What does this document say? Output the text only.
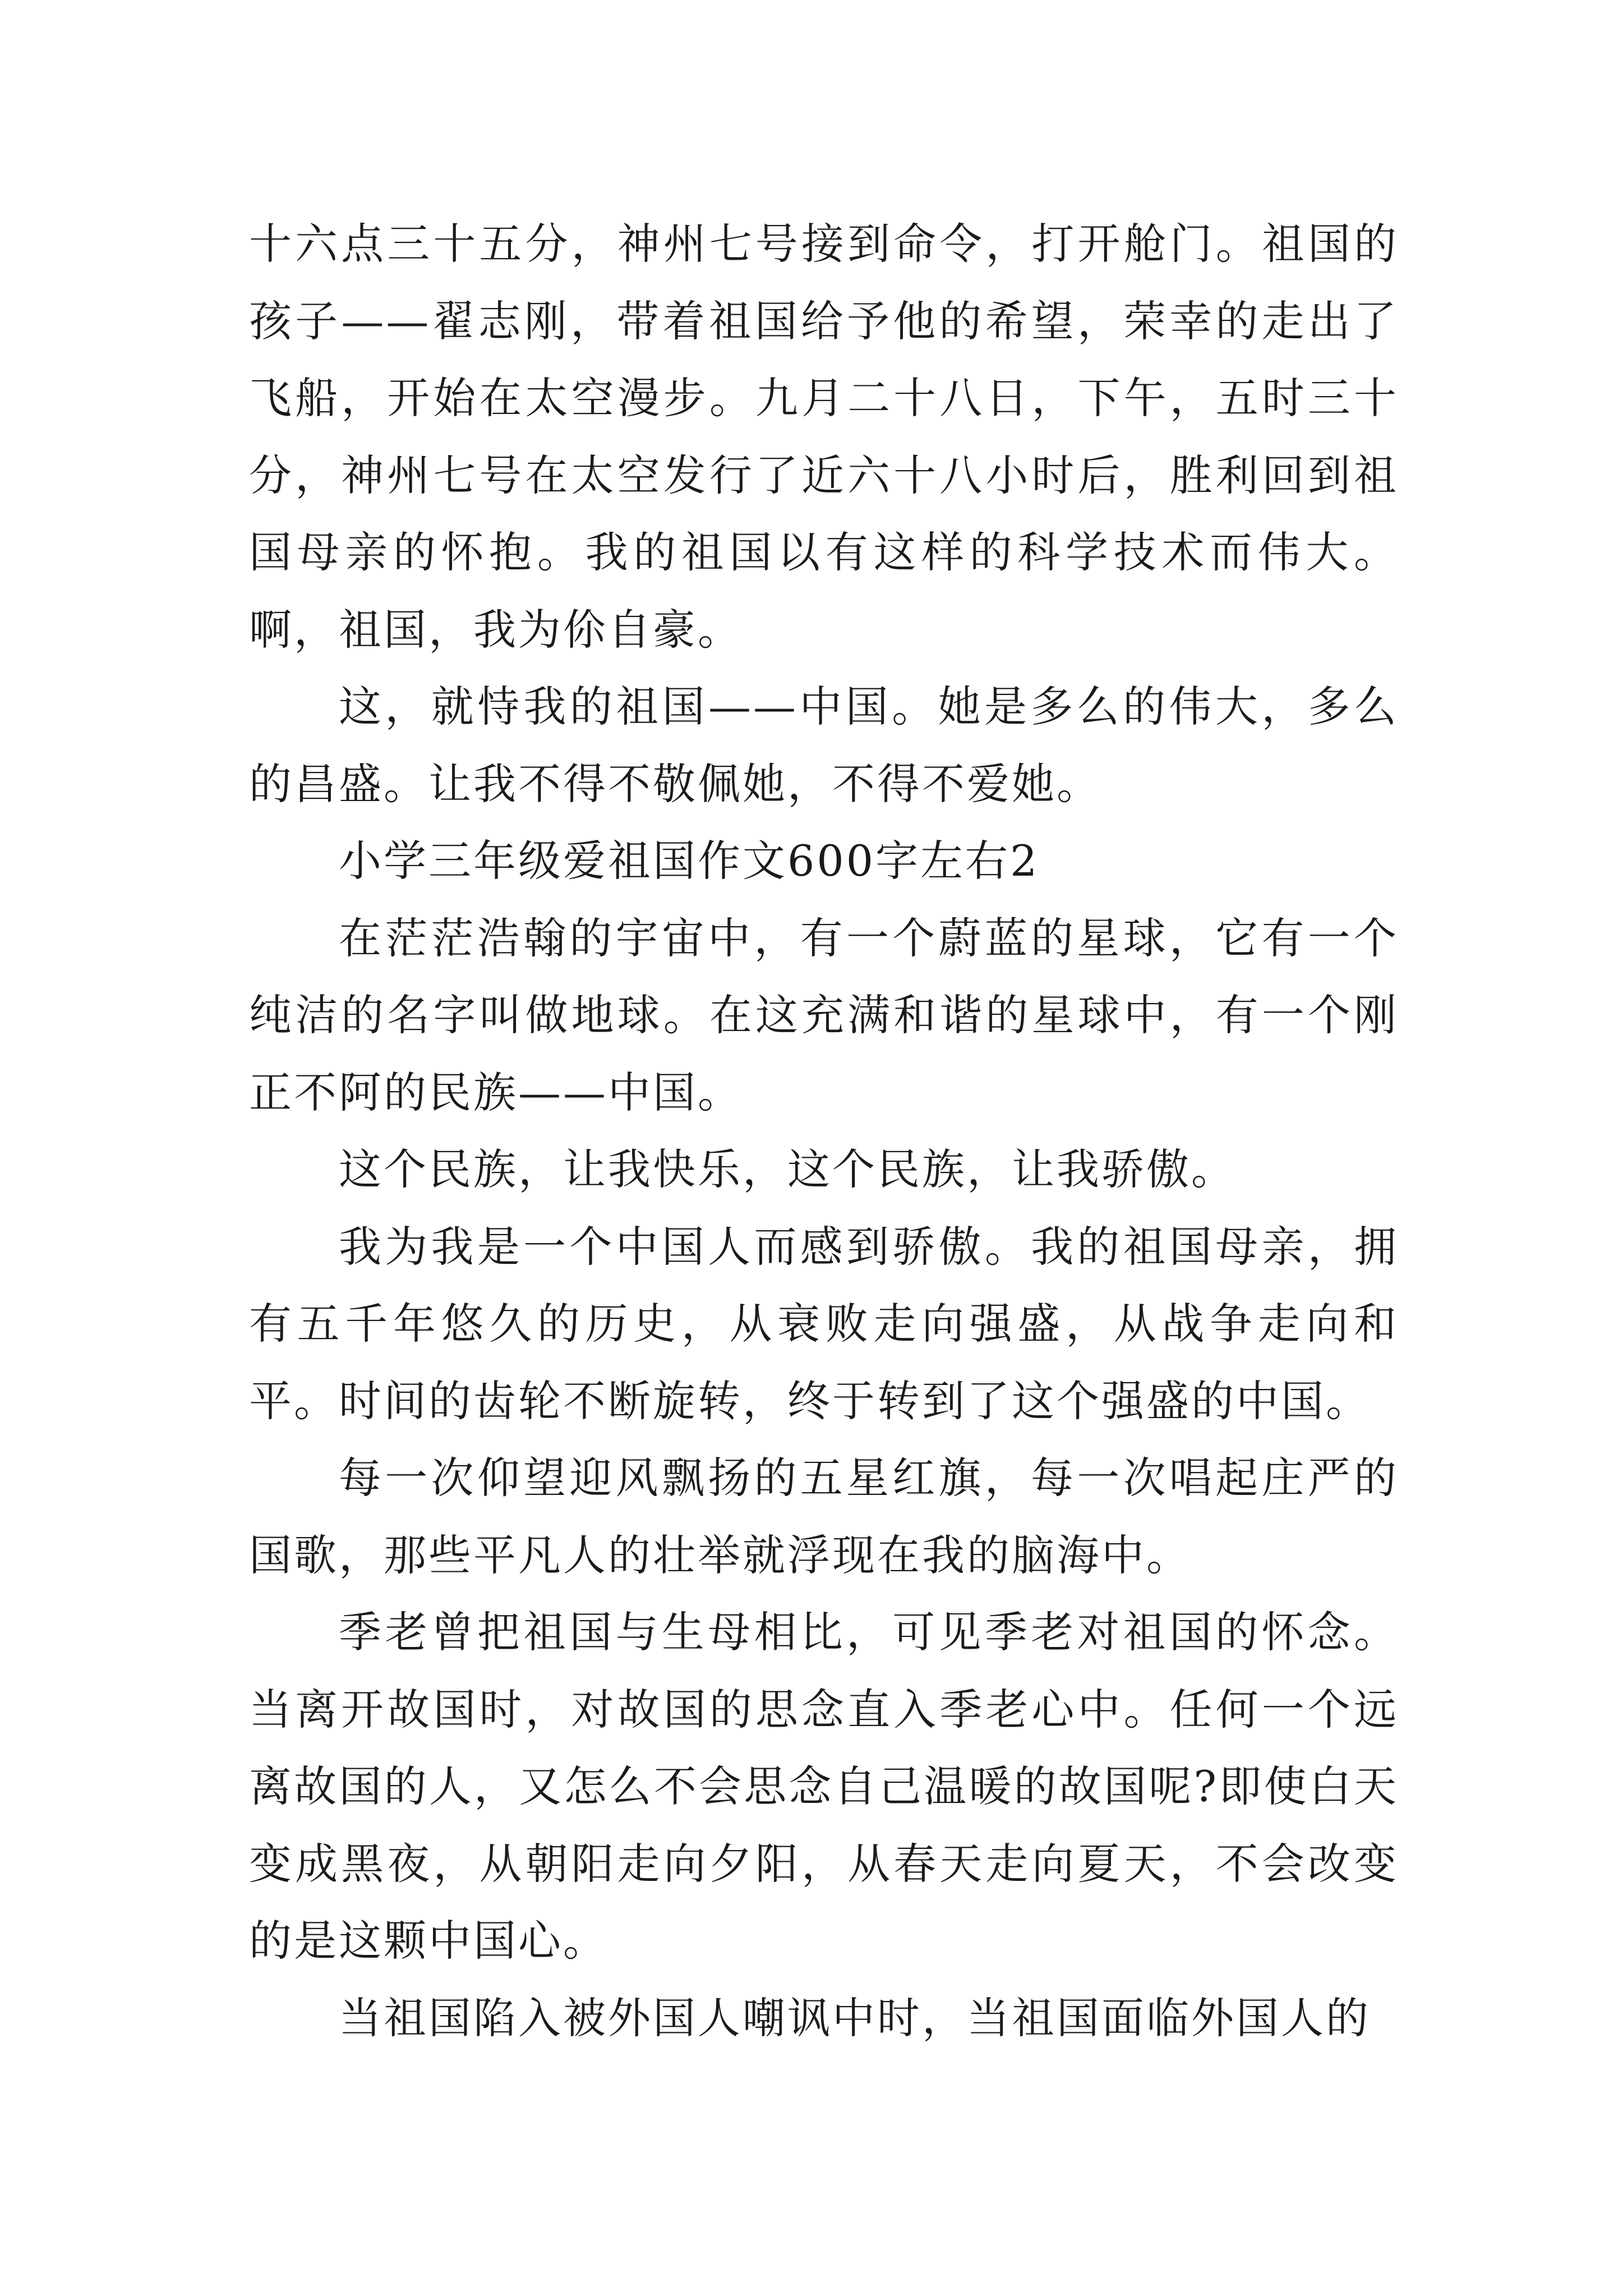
十六点三十五分，神州七号接到命令，打开舱门。祖国的孩子——翟志刚，带着祖国给予他的希望，荣幸的走出了飞船，开始在太空漫步。九月二十八日，下午，五时三十分，神州七号在太空发行了近六十八小时后，胜利回到祖国母亲的怀抱。我的祖国以有这样的科学技术而伟大。啊，祖国，我为伱自豪。

这，就恃我的祖国——中国。她是多么的伟大，多么的昌盛。让我不得不敬佩她，不得不爱她。

小学三年级爱祖国作文600字左右2

在茫茫浩翰的宇宙中，有一个蔚蓝的星球，它有一个纯洁的名字叫做地球。在这充满和谐的星球中，有一个刚正不阿的民族——中国。

这个民族，让我快乐，这个民族，让我骄傲。

我为我是一个中国人而感到骄傲。我的祖国母亲，拥有五千年悠久的历史，从衰败走向强盛，从战争走向和平。时间的齿轮不断旋转，终于转到了这个强盛的中国。

每一次仰望迎风飘扬的五星红旗，每一次唱起庄严的国歌，那些平凡人的壮举就浮现在我的脑海中。

季老曾把祖国与生母相比，可见季老对祖国的怀念。当离开故国时，对故国的思念直入季老心中。任何一个远离故国的人，又怎么不会思念自己温暖的故国呢?即使白天变成黑夜，从朝阳走向夕阳，从春天走向夏天，不会改变的是这颗中国心。

当祖国陷入被外国人嘲讽中时，当祖国面临外国人的
